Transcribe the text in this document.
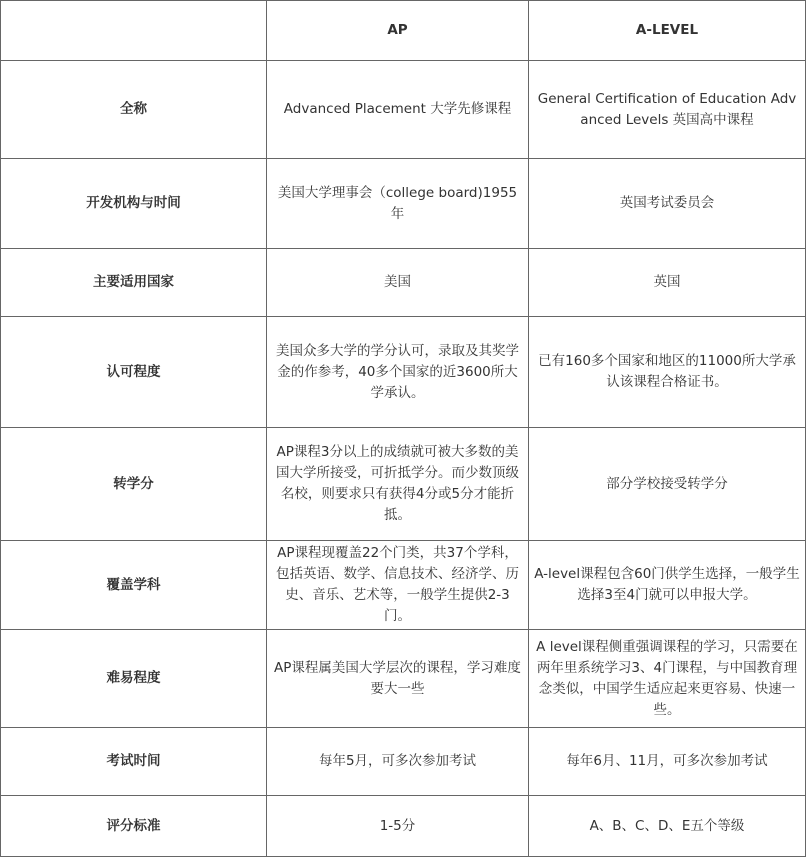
	AP	A-LEVEL
全称	Advanced Placement 大学先修课程	General Certification of Education Advanced Levels 英国高中课程
开发机构与时间	美国大学理事会（college board)1955年	英国考试委员会
主要适用国家	美国	英国
认可程度	美国众多大学的学分认可，录取及其奖学金的作参考，40多个国家的近3600所大学承认。	已有160多个国家和地区的11000所大学承认该课程合格证书。
转学分	AP课程3分以上的成绩就可被大多数的美国大学所接受，可折抵学分。而少数顶级名校，则要求只有获得4分或5分才能折抵。	部分学校接受转学分
覆盖学科	AP课程现覆盖22个门类，共37个学科，包括英语、数学、信息技术、经济学、历史、音乐、艺术等，一般学生提供2-3门。	A-level课程包含60门供学生选择，一般学生选择3至4门就可以申报大学。
难易程度	AP课程属美国大学层次的课程，学习难度要大一些	A level课程侧重强调课程的学习，只需要在两年里系统学习3、4门课程，与中国教育理念类似，中国学生适应起来更容易、快速一些。
考试时间	每年5月，可多次参加考试	每年6月、11月，可多次参加考试
评分标准	1-5分	A、B、C、D、E五个等级
